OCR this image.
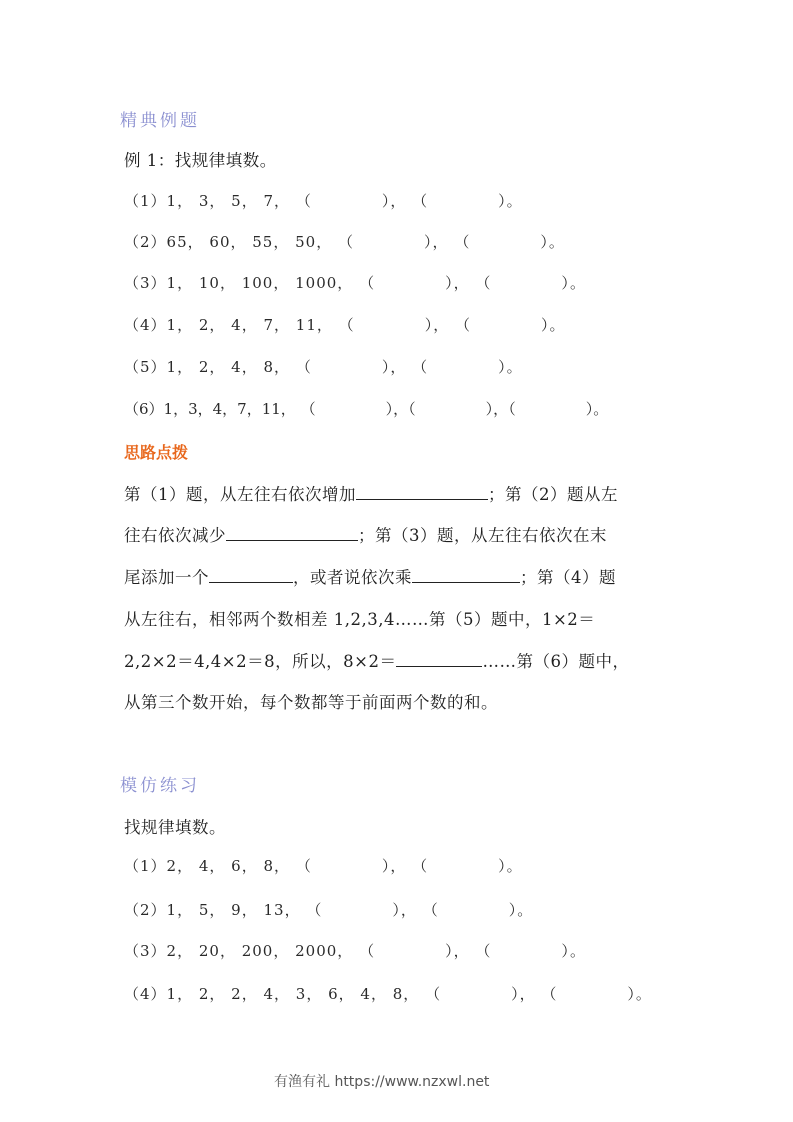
精典例题
例 1：找规律填数。
（1）1， 3， 5， 7， （	）， （	）。
（2）65， 60， 55， 50， （	）， （	）。
（3）1， 10， 100， 1000， （	）， （	）。
（4）1， 2， 4， 7， 11， （	）， （	）。
（5）1， 2， 4， 8， （	）， （	）。
（6）1，3，4，7，11， （	），（	），（	）。
思路点拨
第（1）题，从左往右依次增加	；第（2）题从左
往右依次减少	；第（3）题，从左往右依次在末
尾添加一个	，或者说依次乘	；第（4）题
从左往右，相邻两个数相差 1,2,3,4……第（5）题中，1×2＝
2,2×2＝4,4×2＝8，所以，8×2＝	……第（6）题中，
从第三个数开始，每个数都等于前面两个数的和。
模仿练习
找规律填数。
（1）2， 4， 6， 8， （	）， （	）。
（2）1， 5， 9， 13， （	）， （	）。
（3）2， 20， 200， 2000， （	）， （	）。
（4）1， 2， 2， 4， 3， 6， 4， 8， （	）， （	）。
有渔有礼 https://www.nzxwl.net
